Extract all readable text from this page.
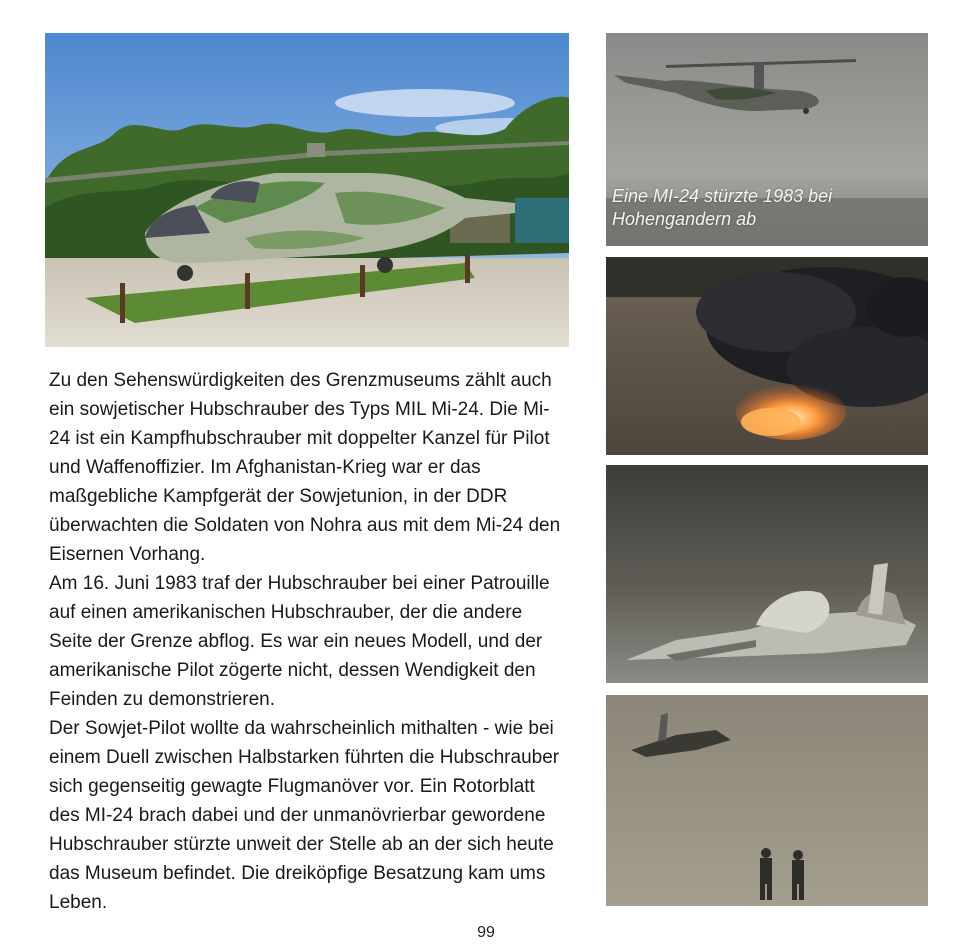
Eine MI-24 stürzte 1983 bei Hohengandern ab

Zu den Sehenswürdigkeiten des Grenzmuseums zählt auch ein sowjetischer Hubschrauber des Typs MIL Mi-24. Die Mi-24 ist ein Kampfhubschrauber mit doppelter Kanzel für Pilot und Waffenoffizier. Im Afghanistan-Krieg war er das maßgebliche Kampfgerät der Sowjetunion, in der DDR überwachten die Soldaten von Nohra aus mit dem Mi-24 den Eisernen Vorhang.

Am 16. Juni 1983 traf der Hubschrauber bei einer Patrouille auf einen amerikanischen Hubschrauber, der die andere Seite der Grenze abflog. Es war ein neues Modell, und der amerikanische Pilot zögerte nicht, dessen Wendigkeit den Feinden zu demonstrieren.

Der Sowjet-Pilot wollte da wahrscheinlich mithalten - wie bei einem Duell zwischen Halbstarken führten die Hubschrauber sich gegenseitig gewagte Flugmanöver vor. Ein Rotorblatt des MI-24 brach dabei und der unmanövrierbar gewordene Hubschrauber stürzte unweit der Stelle ab an der sich heute das Museum befindet. Die dreiköpfige Besatzung kam ums Leben.

99
